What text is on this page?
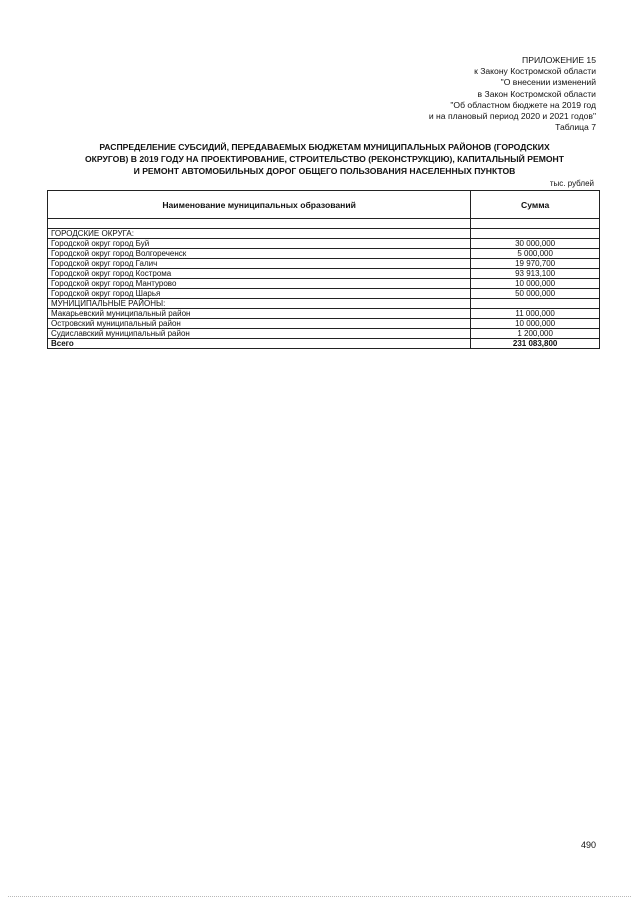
ПРИЛОЖЕНИЕ 15
к Закону Костромской области
"О внесении изменений
в Закон Костромской области
"Об областном бюджете на 2019 год
и на плановый период 2020 и 2021 годов"
Таблица 7
РАСПРЕДЕЛЕНИЕ СУБСИДИЙ, ПЕРЕДАВАЕМЫХ БЮДЖЕТАМ МУНИЦИПАЛЬНЫХ РАЙОНОВ (ГОРОДСКИХ
ОКРУГОВ) В 2019 ГОДУ НА ПРОЕКТИРОВАНИЕ, СТРОИТЕЛЬСТВО (РЕКОНСТРУКЦИЮ), КАПИТАЛЬНЫЙ РЕМОНТ
И РЕМОНТ АВТОМОБИЛЬНЫХ ДОРОГ ОБЩЕГО ПОЛЬЗОВАНИЯ НАСЕЛЕННЫХ ПУНКТОВ
тыс. рублей
Наименование муниципальных образований	Сумма

ГОРОДСКИЕ ОКРУГА:	
Городской округ город Буй	30 000,000
Городской округ город Волгореченск	5 000,000
Городской округ город Галич	19 970,700
Городской округ город Кострома	93 913,100
Городской округ город Мантурово	10 000,000
Городской округ город Шарья	50 000,000
МУНИЦИПАЛЬНЫЕ РАЙОНЫ:	
Макарьевский муниципальный район	11 000,000
Островский муниципальный район	10 000,000
Судиславский муниципальный район	1 200,000
Всего	231 083,800
490
